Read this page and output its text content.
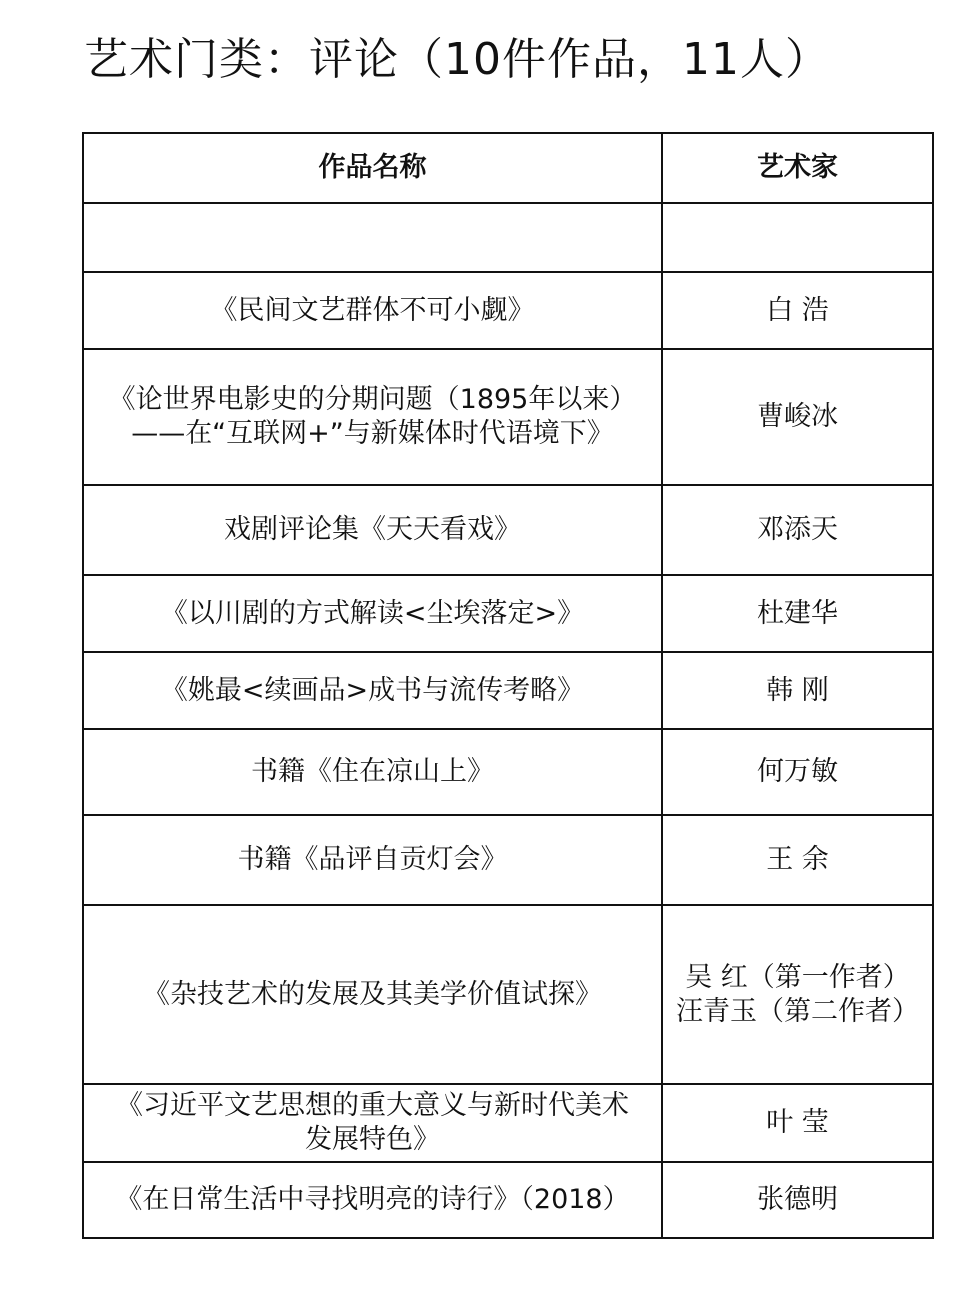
艺术门类：评论（10件作品，11人）
作品名称	艺术家

《民间文艺群体不可小觑》	白 浩

《论世界电影史的分期问题（1895年以来）
——在“互联网+”与新媒体时代语境下》	曹峻冰

戏剧评论集《天天看戏》	邓添天

《以川剧的方式解读<尘埃落定>》	杜建华

《姚最<续画品>成书与流传考略》	韩 刚

书籍《住在凉山上》	何万敏

书籍《品评自贡灯会》	王 余

《杂技艺术的发展及其美学价值试探》	吴 红（第一作者）
汪青玉（第二作者）

《习近平文艺思想的重大意义与新时代美术
发展特色》	叶 莹

《在日常生活中寻找明亮的诗行》（2018）	张德明
